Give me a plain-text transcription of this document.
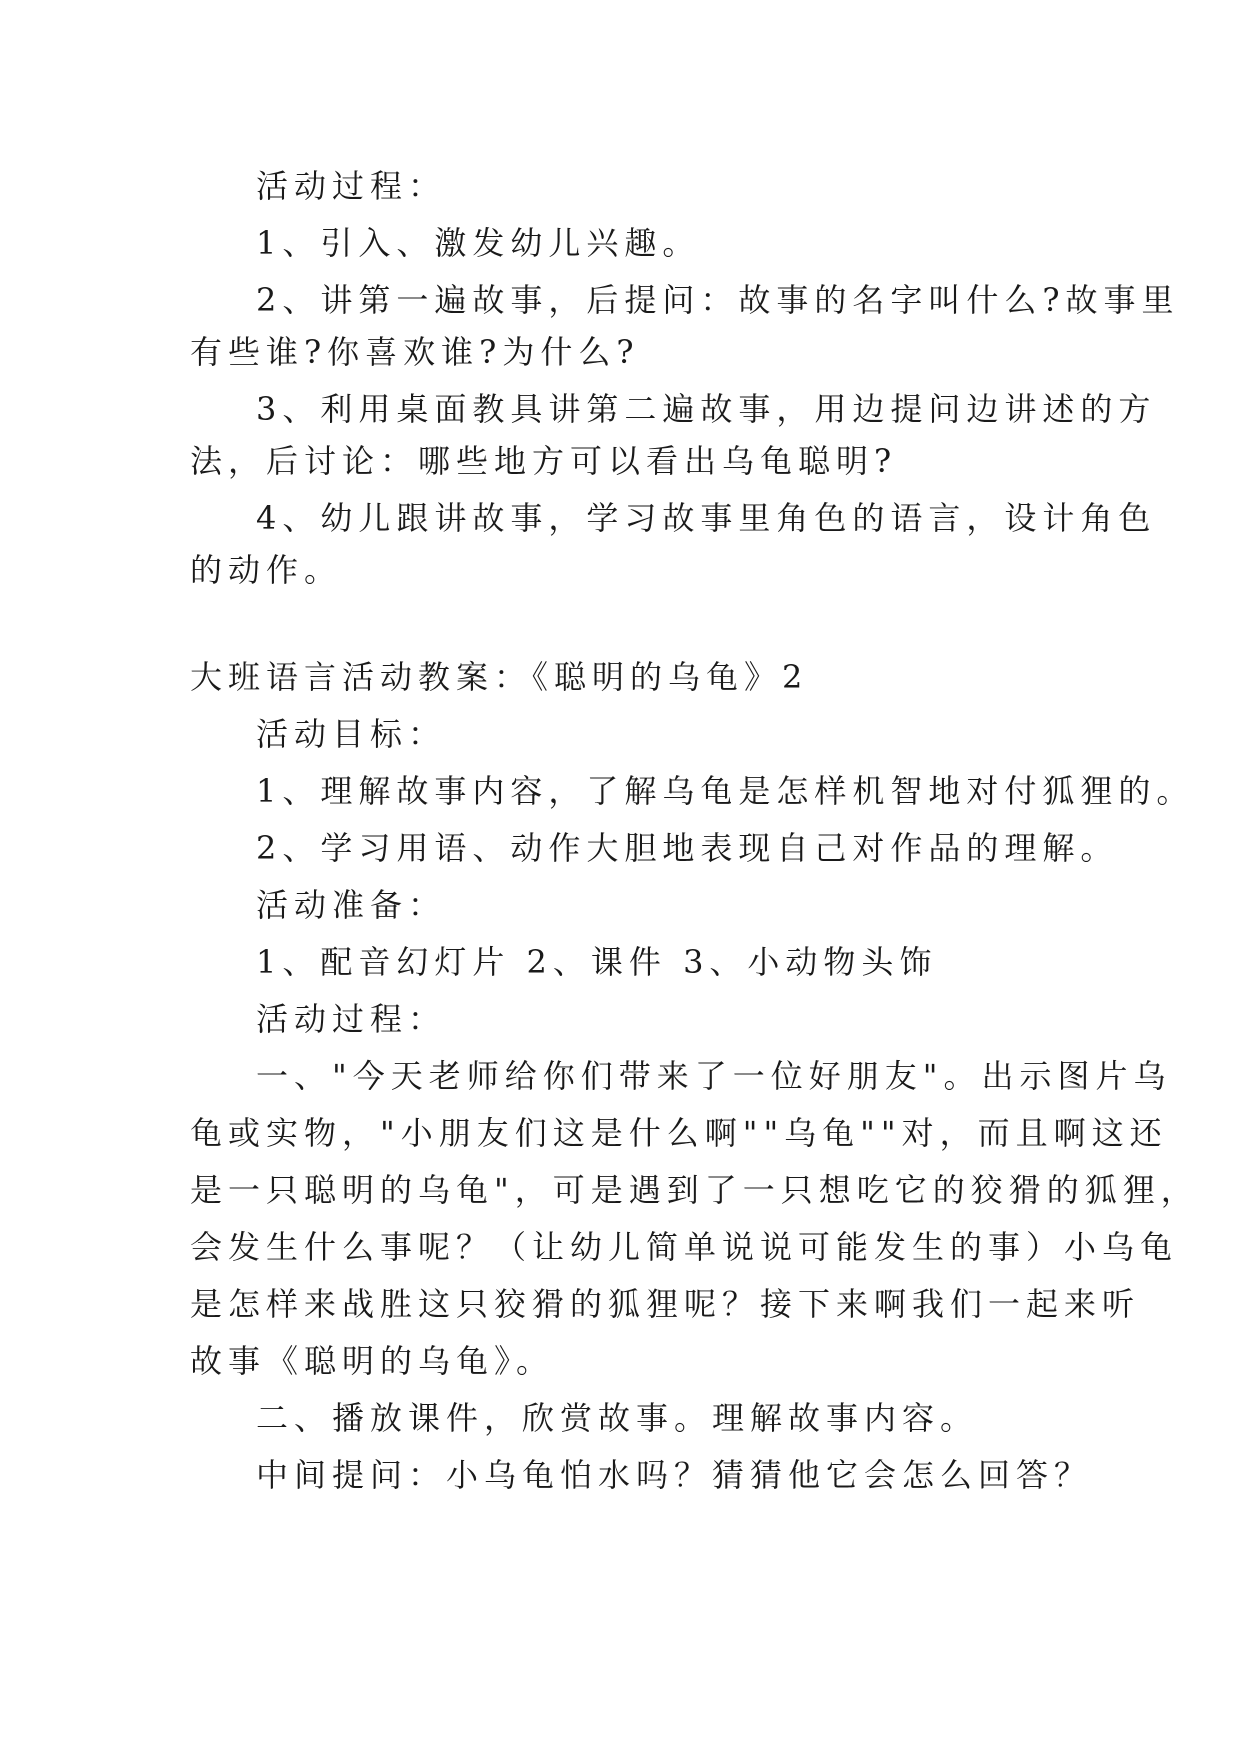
活动过程：
1、引入、激发幼儿兴趣。
2、讲第一遍故事，后提问：故事的名字叫什么?故事里
有些谁?你喜欢谁?为什么?
3、利用桌面教具讲第二遍故事，用边提问边讲述的方
法，后讨论：哪些地方可以看出乌龟聪明?
4、幼儿跟讲故事，学习故事里角色的语言，设计角色
的动作。
大班语言活动教案：《聪明的乌龟》2
活动目标：
1、理解故事内容，了解乌龟是怎样机智地对付狐狸的。
2、学习用语、动作大胆地表现自己对作品的理解。
活动准备：
1、配音幻灯片 2、课件 3、小动物头饰
活动过程：
一、"今天老师给你们带来了一位好朋友"。出示图片乌
龟或实物，"小朋友们这是什么啊""乌龟""对，而且啊这还
是一只聪明的乌龟"，可是遇到了一只想吃它的狡猾的狐狸，
会发生什么事呢？（让幼儿简单说说可能发生的事）小乌龟
是怎样来战胜这只狡猾的狐狸呢？接下来啊我们一起来听
故事《聪明的乌龟》。
二、播放课件，欣赏故事。理解故事内容。
中间提问：小乌龟怕水吗？猜猜他它会怎么回答？
